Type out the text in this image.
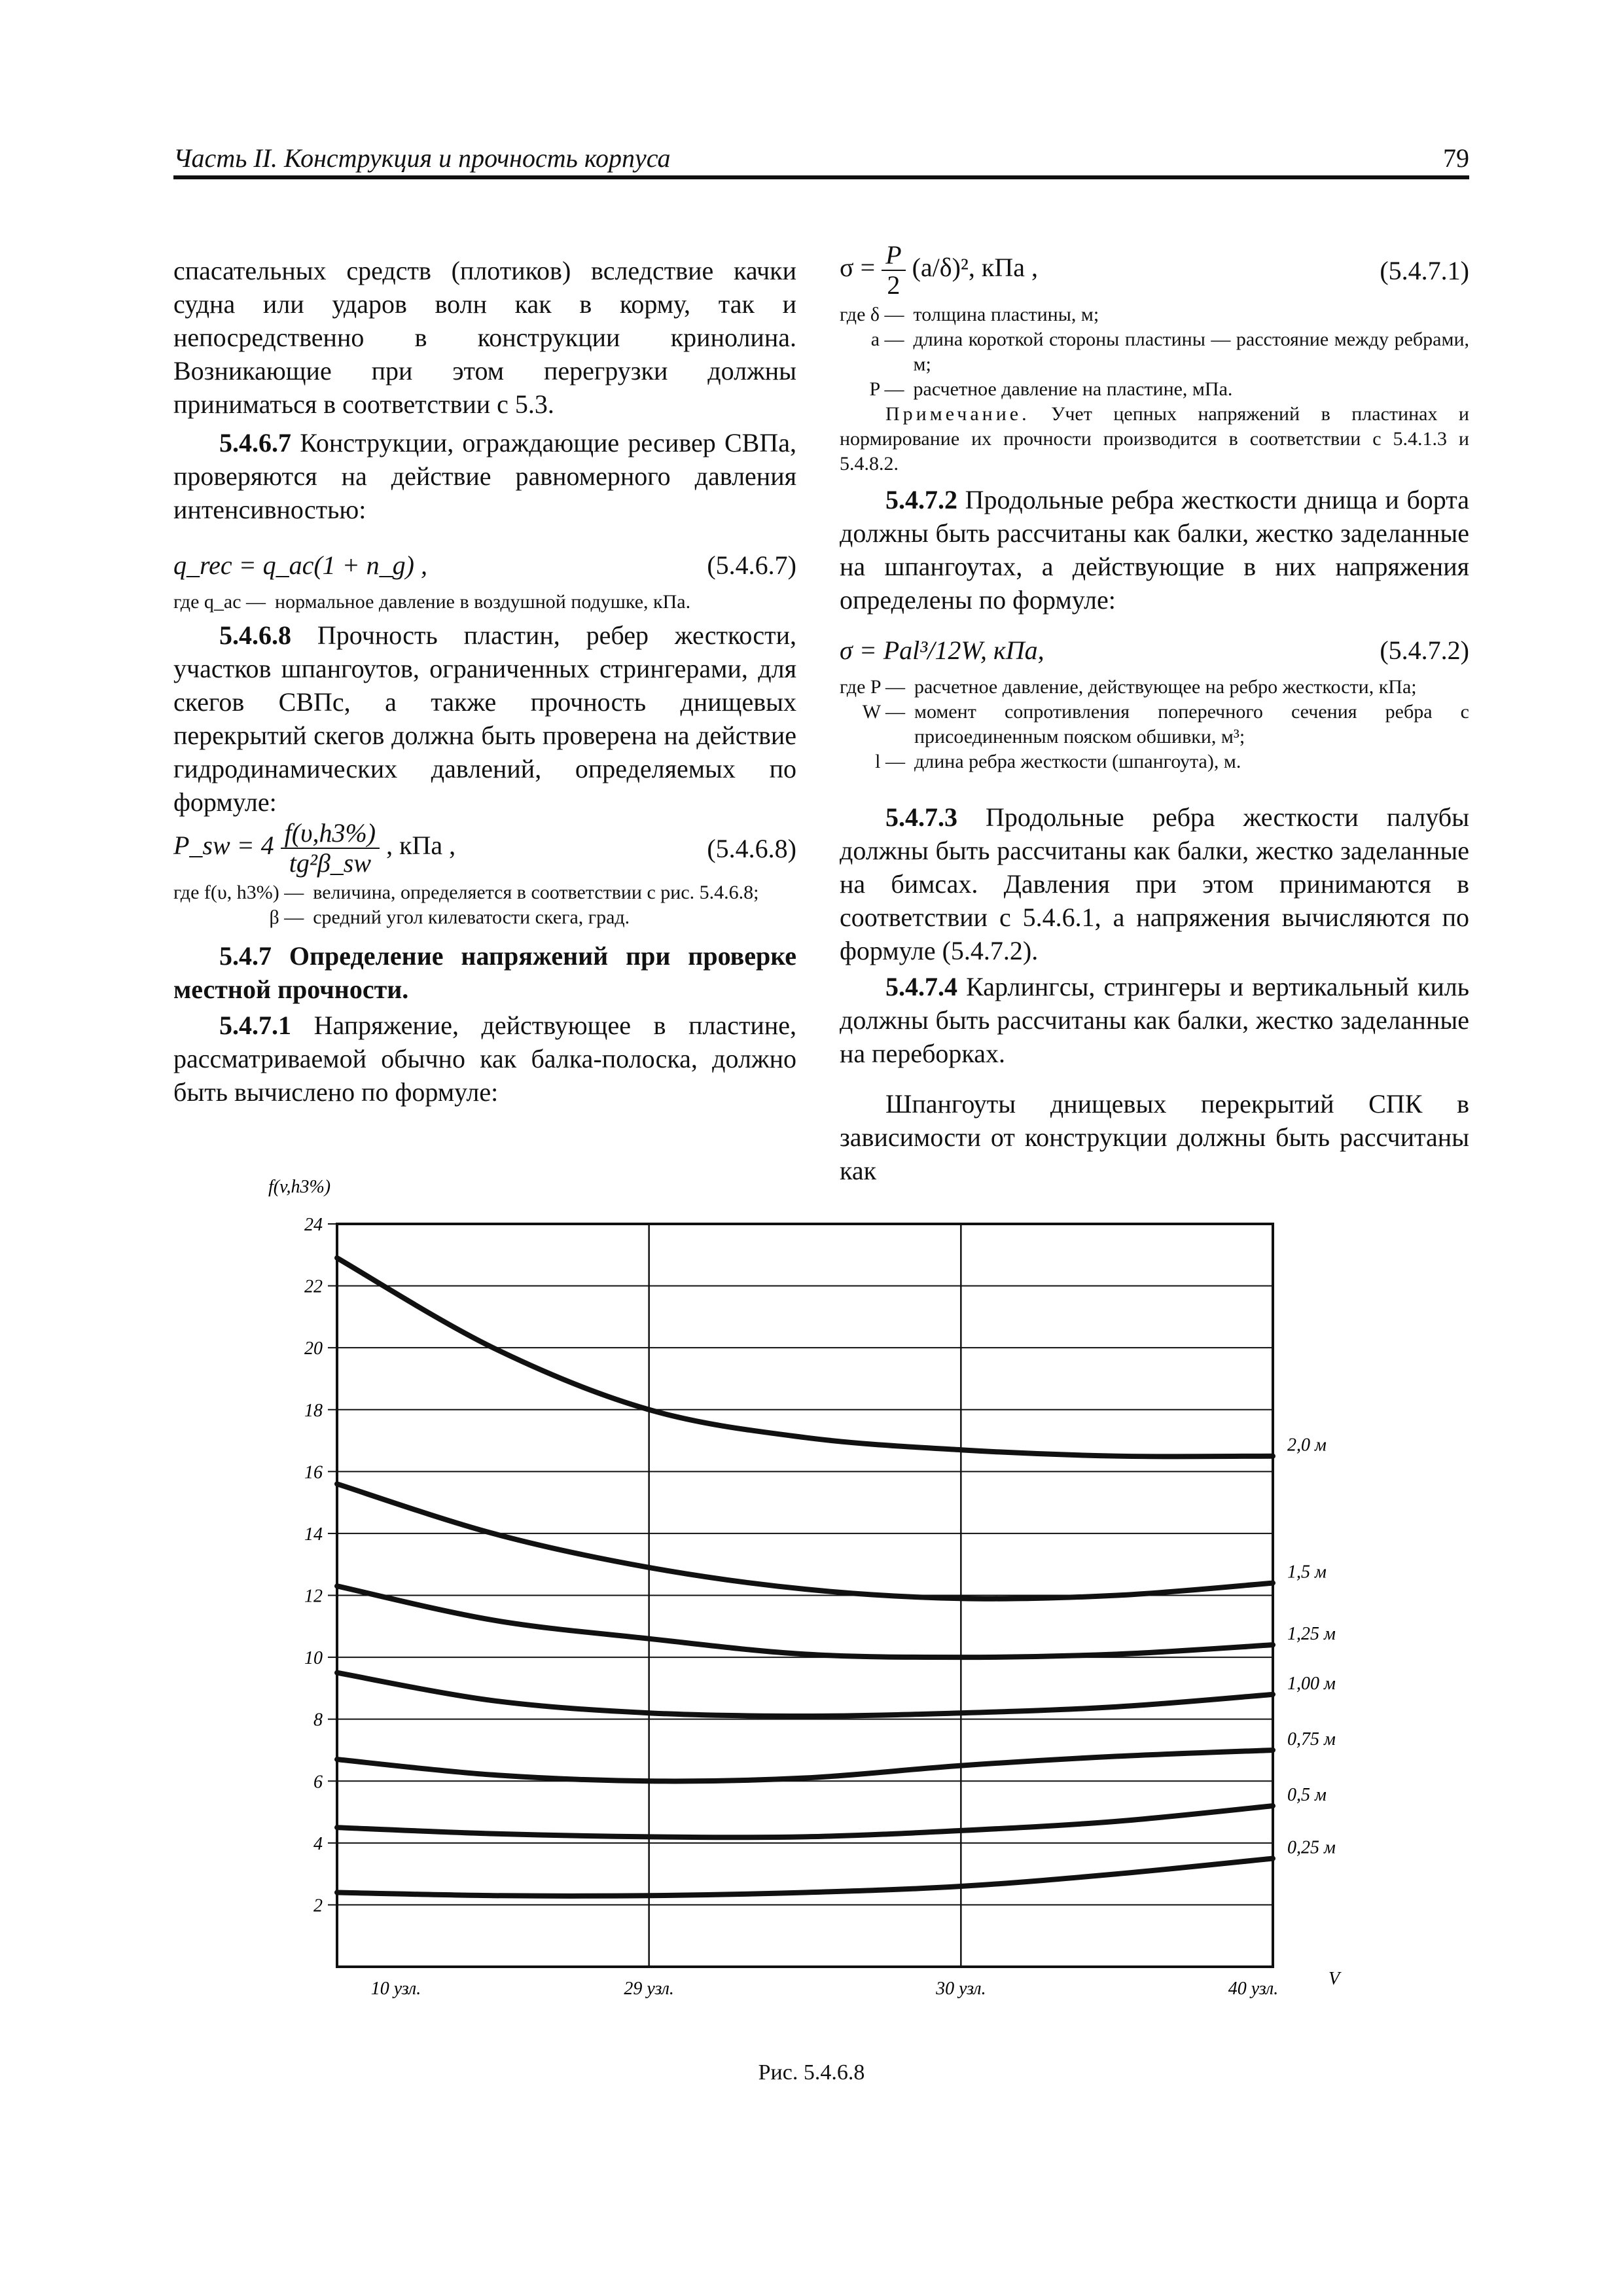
Часть II. Конструкция и прочность корпуса	79

спасательных средств (плотиков) вследствие качки судна или ударов волн как в корму, так и непосредственно в конструкции кринолина. Возникающие при этом перегрузки должны приниматься в соответствии с 5.3.

5.4.6.7 Конструкции, ограждающие ресивер СВПа, проверяются на действие равномерного давления интенсивностью:

q_rec = q_ac(1 + n_g) ,	(5.4.6.7)
где q_ac — нормальное давление в воздушной подушке, кПа.

5.4.6.8 Прочность пластин, ребер жесткости, участков шпангоутов, ограниченных стрингерами, для скегов СВПс, а также прочность днищевых перекрытий скегов должна быть проверена на действие гидродинамических давлений, определяемых по формуле:

P_sw = $4 \frac{f(\upsilon,h3\%)}{\text{tg²β\_sw}}$ , кПа ,	(5.4.6.8)
где f(υ, h3%) — величина, определяется в соответствии с рис. 5.4.6.8;
β — средний угол килеватости скега, град.

5.4.7 Определение напряжений при проверке местной прочности.

5.4.7.1 Напряжение, действующее в пластине, рассматриваемой обычно как балка-полоска, должно быть вычислено по формуле:

$\sigma = \frac{P}{2} (a/\delta)^2$, кПа ,	(5.4.7.1)
где δ — толщина пластины, м;
a — длина короткой стороны пластины — расстояние между ребрами, м;
P — расчетное давление на пластине, мПа.

Примечание. Учет цепных напряжений в пластинах и нормирование их прочности производится в соответствии с 5.4.1.3 и 5.4.8.2.

5.4.7.2 Продольные ребра жесткости днища и борта должны быть рассчитаны как балки, жестко заделанные на шпангоутах, а действующие в них напряжения определены по формуле:

σ = Pal³/12W, кПа,	(5.4.7.2)
где P — расчетное давление, действующее на ребро жесткости, кПа;
W — момент сопротивления поперечного сечения ребра с присоединенным пояском обшивки, м³;
l — длина ребра жесткости (шпангоута), м.

5.4.7.3 Продольные ребра жесткости палубы должны быть рассчитаны как балки, жестко заделанные на бимсах. Давления при этом принимаются в соответствии с 5.4.6.1, а напряжения вычисляются по формуле (5.4.7.2).

5.4.7.4 Карлингсы, стрингеры и вертикальный киль должны быть рассчитаны как балки, жестко заделанные на переборках.

Шпангоуты днищевых перекрытий СПК в зависимости от конструкции должны быть рассчитаны как

f(v,h3%)
V
24
22
20
18
16
14
12
10
8
6
4
2
10 узл.	29 узл.	30 узл.	40 узл.
2,0 м
1,5 м
1,25 м
1,00 м
0,75 м
0,5 м
0,25 м
Рис. 5.4.6.8
